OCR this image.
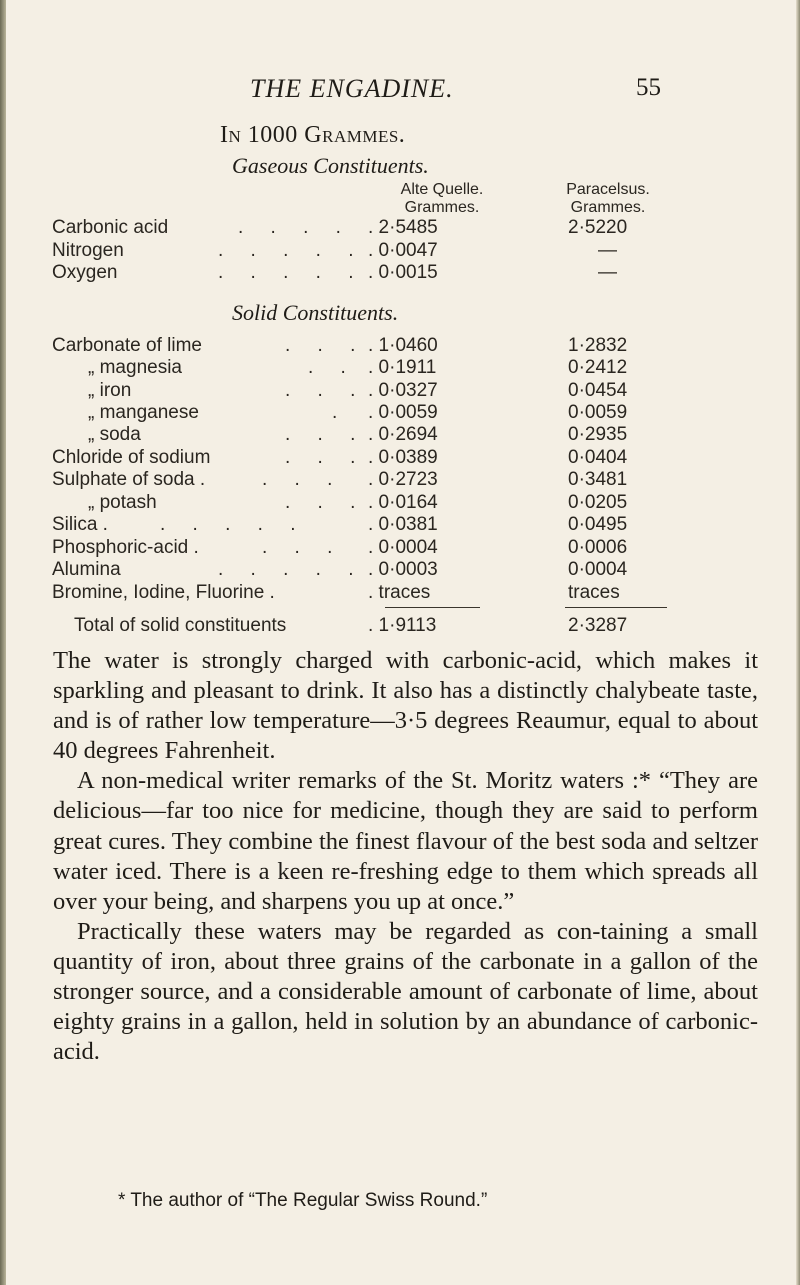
THE ENGADINE.	55
In 1000 Grammes.
Gaseous Constituents.
Alte Quelle.
Grammes.
Paracelsus.
Grammes.
Carbonic acid	. . . . . 2·5485	2·5220
Nitrogen	. . . . . . 0·0047	—
Oxygen	. . . . . . 0·0015	—
Solid Constituents.
Carbonate of lime	. . . . 1·0460	1·2832
„ magnesia	. . . 0·1911	0·2412
„ iron	. . . . 0·0327	0·0454
„ manganese	. . 0·0059	0·0059
„ soda	. . . . 0·2694	0·2935
Chloride of sodium	. . . . 0·0389	0·0404
Sulphate of soda .	. . . . 0·2723	0·3481
„ potash	. . . . 0·0164	0·0205
Silica .	. . . . .	. 0·0381	0·0495
Phosphoric-acid .	. . . . 0·0004	0·0006
Alumina	. . . . . . 0·0003	0·0004
Bromine, Iodine, Fluorine .	. traces	traces
Total of solid constituents	. 1·9113	2·3287

The water is strongly charged with carbonic-acid, which makes it sparkling and pleasant to drink. It also has a distinctly chalybeate taste, and is of rather low temperature—3·5 degrees Reaumur, equal to about 40 degrees Fahrenheit.

A non-medical writer remarks of the St. Moritz waters :* “They are delicious—far too nice for medicine, though they are said to perform great cures. They combine the finest flavour of the best soda and seltzer water iced. There is a keen re-freshing edge to them which spreads all over your being, and sharpens you up at once.”

Practically these waters may be regarded as con-taining a small quantity of iron, about three grains of the carbonate in a gallon of the stronger source, and a considerable amount of carbonate of lime, about eighty grains in a gallon, held in solution by an abundance of carbonic-acid.

* The author of “The Regular Swiss Round.”
